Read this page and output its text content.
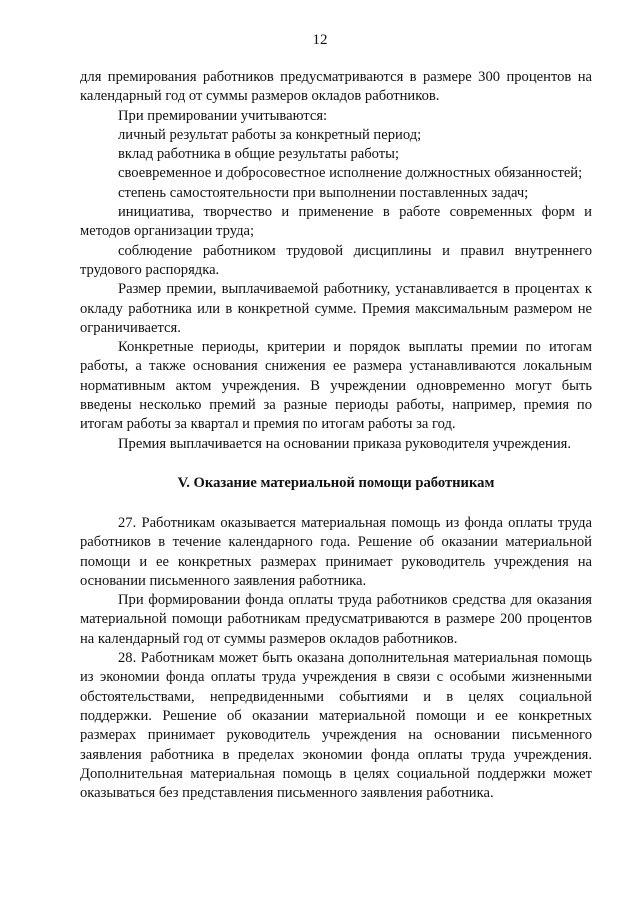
12

для премирования работников предусматриваются в размере 300 процентов на календарный год от суммы размеров окладов работников.

При премировании учитываются:

личный результат работы за конкретный период;

вклад работника в общие результаты работы;

своевременное и добросовестное исполнение должностных обязанностей;

степень самостоятельности при выполнении поставленных задач;

инициатива, творчество и применение в работе современных форм и методов организации труда;

соблюдение работником трудовой дисциплины и правил внутреннего трудового распорядка.

Размер премии, выплачиваемой работнику, устанавливается в процентах к окладу работника или в конкретной сумме. Премия максимальным размером не ограничивается.

Конкретные периоды, критерии и порядок выплаты премии по итогам работы, а также основания снижения ее размера устанавливаются локальным нормативным актом учреждения. В учреждении одновременно могут быть введены несколько премий за разные периоды работы, например, премия по итогам работы за квартал и премия по итогам работы за год.

Премия выплачивается на основании приказа руководителя учреждения.

V. Оказание материальной помощи работникам

27. Работникам оказывается материальная помощь из фонда оплаты труда работников в течение календарного года. Решение об оказании материальной помощи и ее конкретных размерах принимает руководитель учреждения на основании письменного заявления работника.

При формировании фонда оплаты труда работников средства для оказания материальной помощи работникам предусматриваются в размере 200 процентов на календарный год от суммы размеров окладов работников.

28. Работникам может быть оказана дополнительная материальная помощь из экономии фонда оплаты труда учреждения в связи с особыми жизненными обстоятельствами, непредвиденными событиями и в целях социальной поддержки. Решение об оказании материальной помощи и ее конкретных размерах принимает руководитель учреждения на основании письменного заявления работника в пределах экономии фонда оплаты труда учреждения. Дополнительная материальная помощь в целях социальной поддержки может оказываться без представления письменного заявления работника.
